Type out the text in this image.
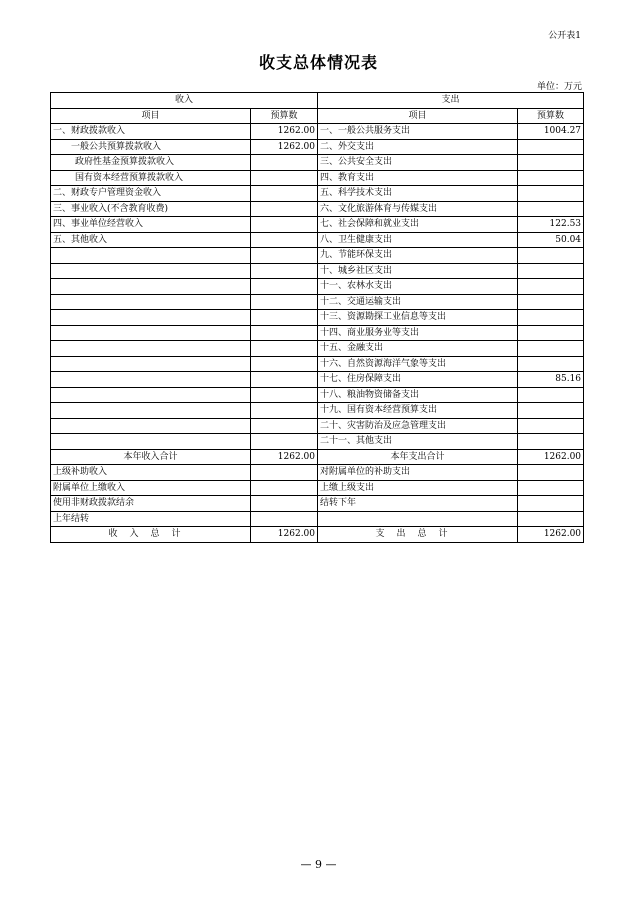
公开表1
收支总体情况表
单位：万元
收入		支出	
项目	预算数	项目	预算数
一、财政拨款收入	1262.00	一、一般公共服务支出	1004.27
一般公共预算拨款收入	1262.00	二、外交支出	
政府性基金预算拨款收入		三、公共安全支出	
国有资本经营预算拨款收入		四、教育支出	
二、财政专户管理资金收入		五、科学技术支出	
三、事业收入(不含教育收费)		六、文化旅游体育与传媒支出	
四、事业单位经营收入		七、社会保障和就业支出	122.53
五、其他收入		八、卫生健康支出	50.04
		九、节能环保支出	
		十、城乡社区支出	
		十一、农林水支出	
		十二、交通运输支出	
		十三、资源勘探工业信息等支出	
		十四、商业服务业等支出	
		十五、金融支出	
		十六、自然资源海洋气象等支出	
		十七、住房保障支出	85.16
		十八、粮油物资储备支出	
		十九、国有资本经营预算支出	
		二十、灾害防治及应急管理支出	
		二十一、其他支出	
本年收入合计	1262.00	本年支出合计	1262.00
上级补助收入		对附属单位的补助支出	
附属单位上缴收入		上缴上级支出	
使用非财政拨款结余		结转下年	
上年结转			
收入总计	1262.00	支出总计	1262.00
— 9 —
